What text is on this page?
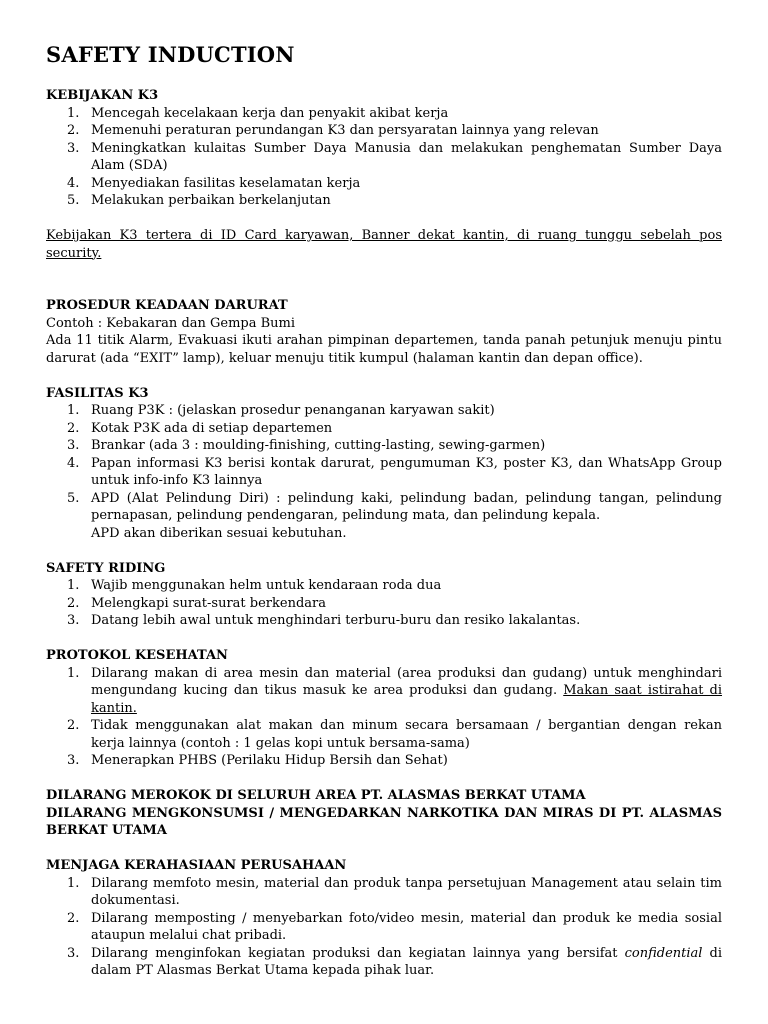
SAFETY INDUCTION
KEBIJAKAN K3
1. Mencegah kecelakaan kerja dan penyakit akibat kerja
2. Memenuhi peraturan perundangan K3 dan persyaratan lainnya yang relevan
3. Meningkatkan kulaitas Sumber Daya Manusia dan melakukan penghematan Sumber Daya Alam (SDA)
4. Menyediakan fasilitas keselamatan kerja
5. Melakukan perbaikan berkelanjutan
Kebijakan K3 tertera di ID Card karyawan, Banner dekat kantin, di ruang tunggu sebelah pos security.
PROSEDUR KEADAAN DARURAT
Contoh : Kebakaran dan Gempa Bumi
Ada 11 titik Alarm, Evakuasi ikuti arahan pimpinan departemen, tanda panah petunjuk menuju pintu darurat (ada “EXIT” lamp), keluar menuju titik kumpul (halaman kantin dan depan office).
FASILITAS K3
1. Ruang P3K : (jelaskan prosedur penanganan karyawan sakit)
2. Kotak P3K ada di setiap departemen
3. Brankar (ada 3 : moulding-finishing, cutting-lasting, sewing-garmen)
4. Papan informasi K3 berisi kontak darurat, pengumuman K3, poster K3, dan WhatsApp Group untuk info-info K3 lainnya
5. APD (Alat Pelindung Diri) : pelindung kaki, pelindung badan, pelindung tangan, pelindung pernapasan, pelindung pendengaran, pelindung mata, dan pelindung kepala.
APD akan diberikan sesuai kebutuhan.
SAFETY RIDING
1. Wajib menggunakan helm untuk kendaraan roda dua
2. Melengkapi surat-surat berkendara
3. Datang lebih awal untuk menghindari terburu-buru dan resiko lakalantas.
PROTOKOL KESEHATAN
1. Dilarang makan di area mesin dan material (area produksi dan gudang) untuk menghindari mengundang kucing dan tikus masuk ke area produksi dan gudang. Makan saat istirahat di kantin.
2. Tidak menggunakan alat makan dan minum secara bersamaan / bergantian dengan rekan kerja lainnya (contoh : 1 gelas kopi untuk bersama-sama)
3. Menerapkan PHBS (Perilaku Hidup Bersih dan Sehat)
DILARANG MEROKOK DI SELURUH AREA PT. ALASMAS BERKAT UTAMA
DILARANG MENGKONSUMSI / MENGEDARKAN NARKOTIKA DAN MIRAS DI PT. ALASMAS BERKAT UTAMA
MENJAGA KERAHASIAAN PERUSAHAAN
1. Dilarang memfoto mesin, material dan produk tanpa persetujuan Management atau selain tim dokumentasi.
2. Dilarang memposting / menyebarkan foto/video mesin, material dan produk ke media sosial ataupun melalui chat pribadi.
3. Dilarang menginfokan kegiatan produksi dan kegiatan lainnya yang bersifat confidential di dalam PT Alasmas Berkat Utama kepada pihak luar.
